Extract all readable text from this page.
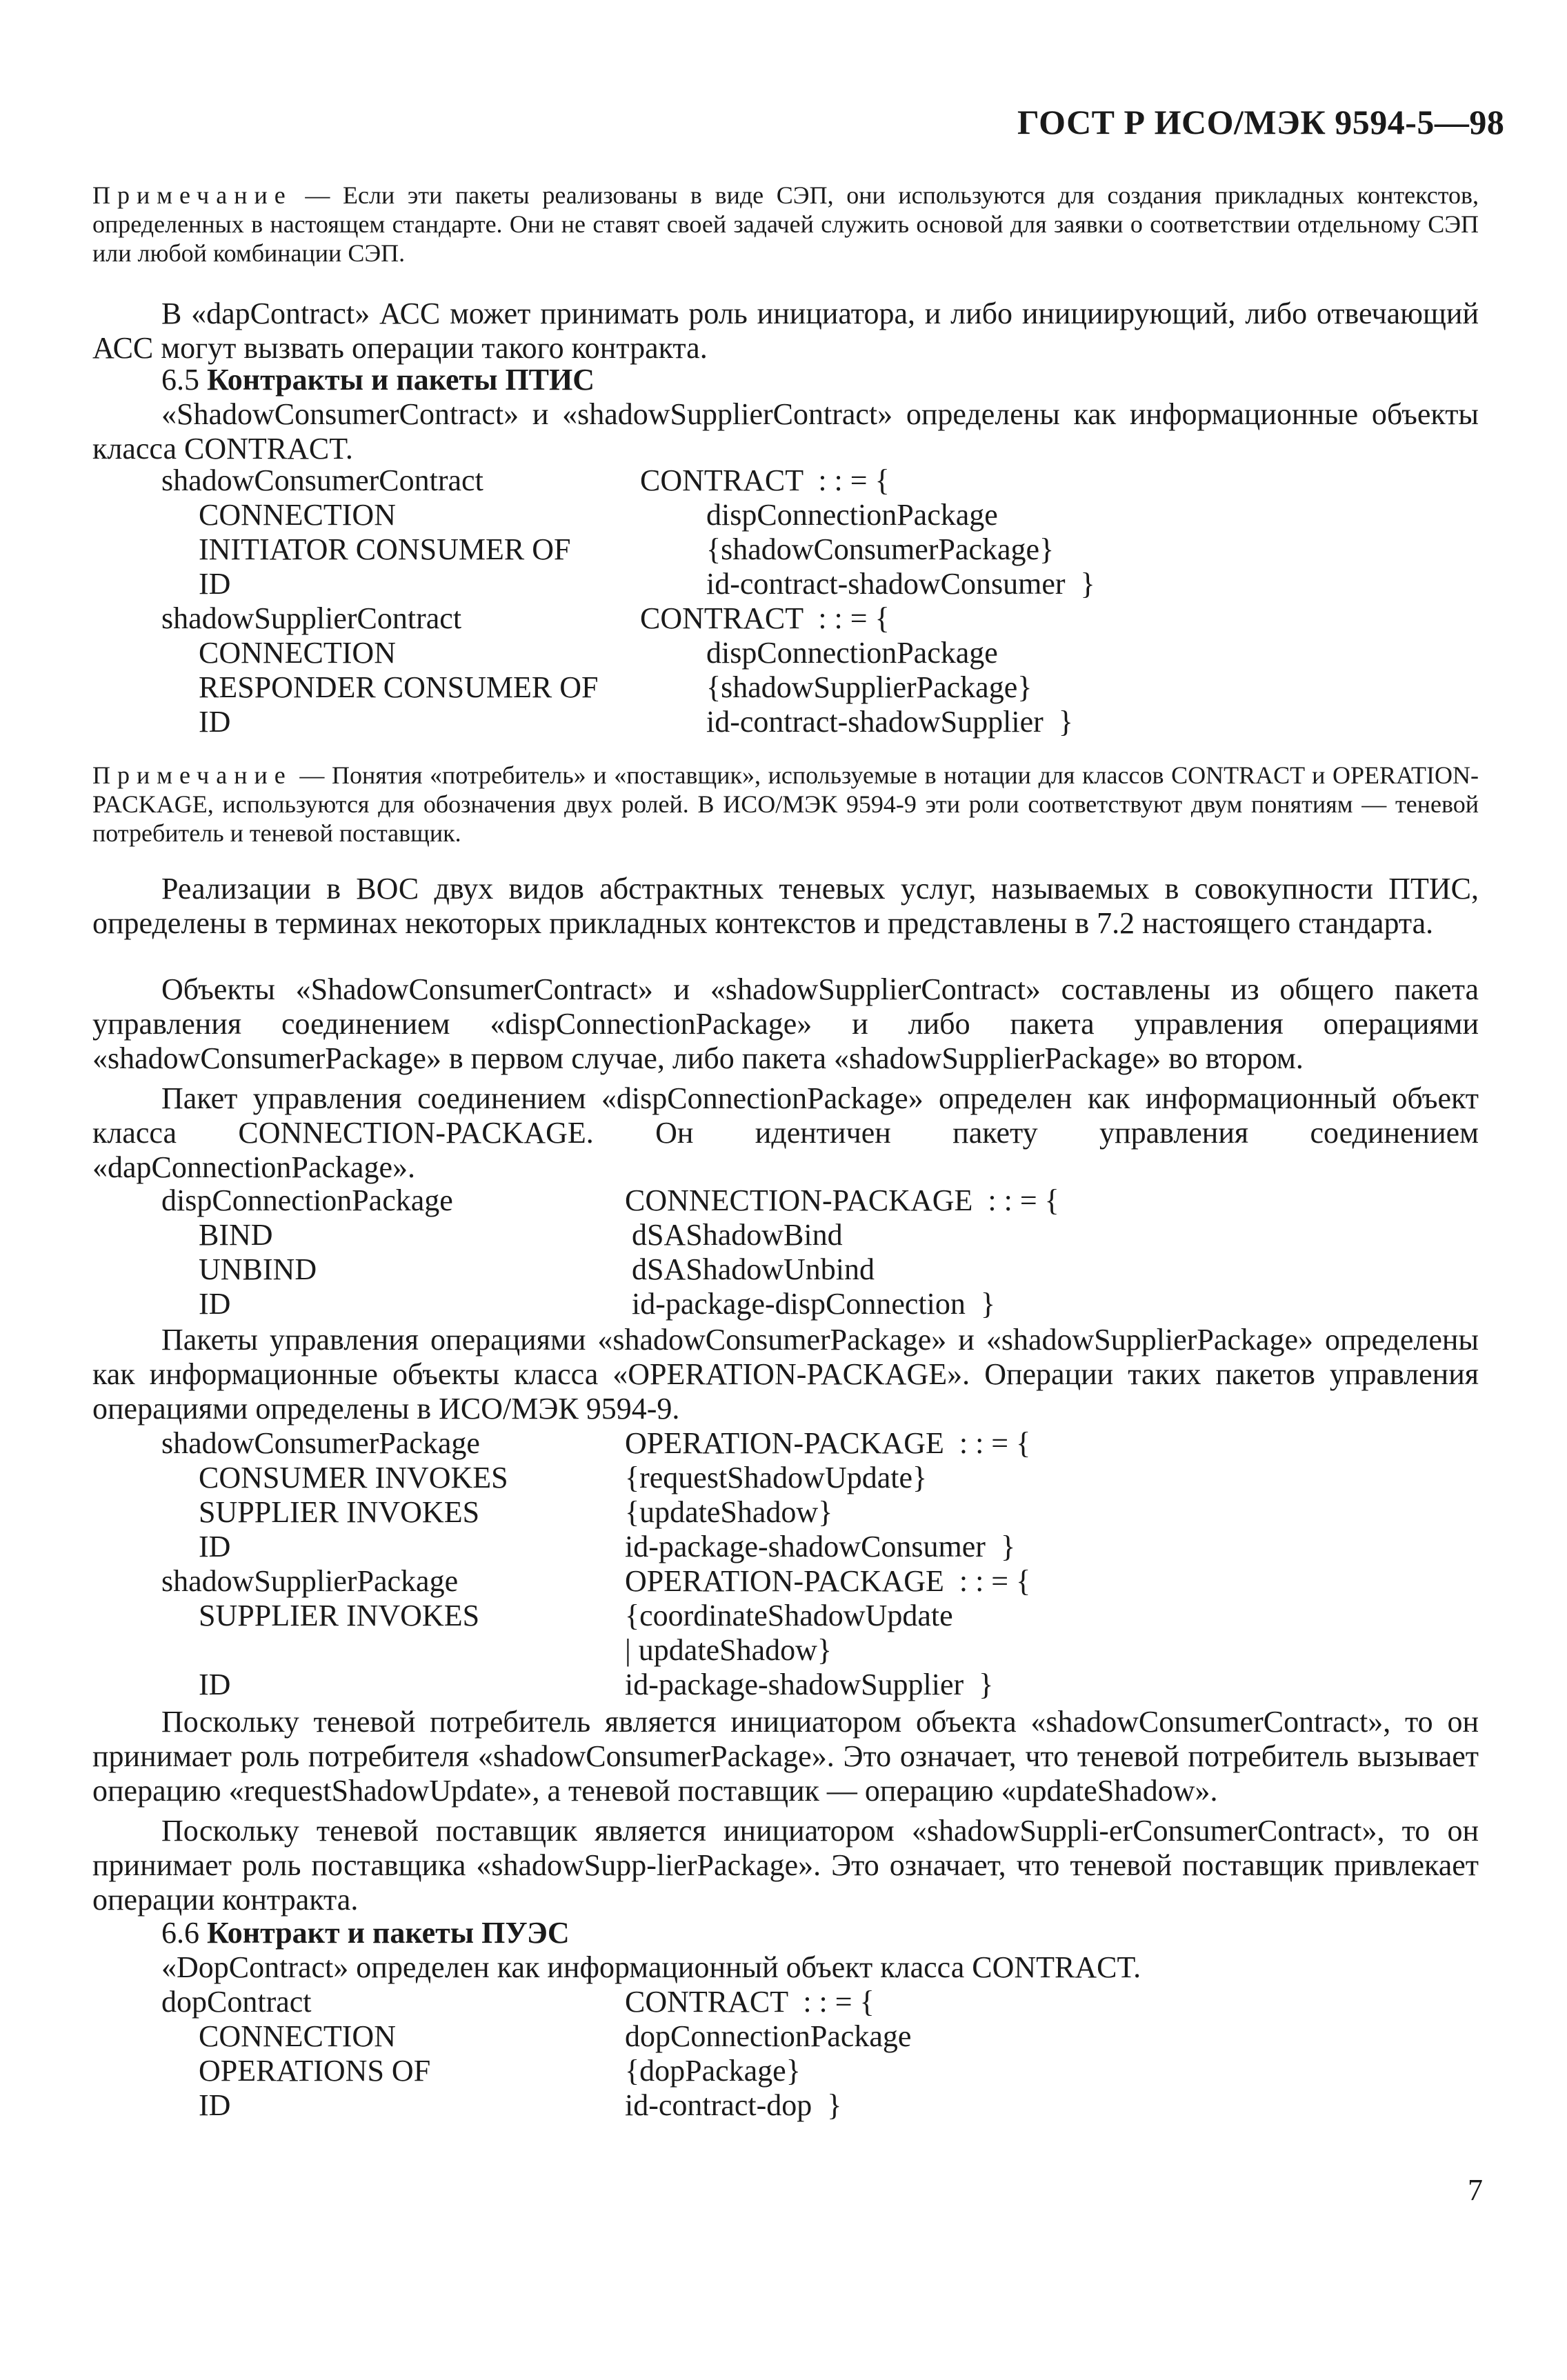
ГОСТ Р ИСО/МЭК 9594-5—98
Примечание — Если эти пакеты реализованы в виде СЭП, они используются для создания прикладных контекстов, определенных в настоящем стандарте. Они не ставят своей задачей служить основой для заявки о соответствии отдельному СЭП или любой комбинации СЭП.

В «dapContract» АСС может принимать роль инициатора, и либо инициирующий, либо отвечающий АСС могут вызвать операции такого контракта.

6.5 Контракты и пакеты ПТИС

«ShadowConsumerContract» и «shadowSupplierContract» определены как информационные объекты класса CONTRACT.

shadowConsumerContract	CONTRACT  : : = {
CONNECTION	dispConnectionPackage
INITIATOR CONSUMER OF	{shadowConsumerPackage}
ID	id-contract-shadowConsumer  }
shadowSupplierContract	CONTRACT  : : = {
CONNECTION	dispConnectionPackage
RESPONDER CONSUMER OF	{shadowSupplierPackage}
ID	id-contract-shadowSupplier  }
Примечание — Понятия «потребитель» и «поставщик», используемые в нотации для классов CONTRACT и OPERATION-PACKAGE, используются для обозначения двух ролей. В ИСО/МЭК 9594-9 эти роли соответствуют двум понятиям — теневой потребитель и теневой поставщик.

Реализации в ВОС двух видов абстрактных теневых услуг, называемых в совокупности ПТИС, определены в терминах некоторых прикладных контекстов и представлены в 7.2 настоящего стандарта.

Объекты «ShadowConsumerContract» и «shadowSupplierContract» составлены из общего пакета управления соединением «dispConnectionPackage» и либо пакета управления операциями «shadowConsumerPackage» в первом случае, либо пакета «shadowSupplierPackage» во втором.

Пакет управления соединением «dispConnectionPackage» определен как информационный объект класса CONNECTION-PACKAGE. Он идентичен пакету управления соединением «dapConnectionPackage».

dispConnectionPackage	CONNECTION-PACKAGE  : : = {
BIND	dSAShadowBind
UNBIND	dSAShadowUnbind
ID	id-package-dispConnection  }

Пакеты управления операциями «shadowConsumerPackage» и «shadowSupplierPackage» определены как информационные объекты класса «OPERATION-PACKAGE». Операции таких пакетов управления операциями определены в ИСО/МЭК 9594-9.

shadowConsumerPackage	OPERATION-PACKAGE  : : = {
CONSUMER INVOKES	{requestShadowUpdate}
SUPPLIER INVOKES	{updateShadow}
ID	id-package-shadowConsumer  }
shadowSupplierPackage	OPERATION-PACKAGE  : : = {
SUPPLIER INVOKES	{coordinateShadowUpdate
| updateShadow}
ID	id-package-shadowSupplier  }

Поскольку теневой потребитель является инициатором объекта «shadowConsumerContract», то он принимает роль потребителя «shadowConsumerPackage». Это означает, что теневой потребитель вызывает операцию «requestShadowUpdate», а теневой поставщик — операцию «updateShadow».

Поскольку теневой поставщик является инициатором «shadowSuppli-erConsumerContract», то он принимает роль поставщика «shadowSupp-lierPackage». Это означает, что теневой поставщик привлекает операции контракта.

6.6 Контракт и пакеты ПУЭС

«DopContract» определен как информационный объект класса CONTRACT.

dopContract	CONTRACT  : : = {
CONNECTION	dopConnectionPackage
OPERATIONS OF	{dopPackage}
ID	id-contract-dop  }
7
